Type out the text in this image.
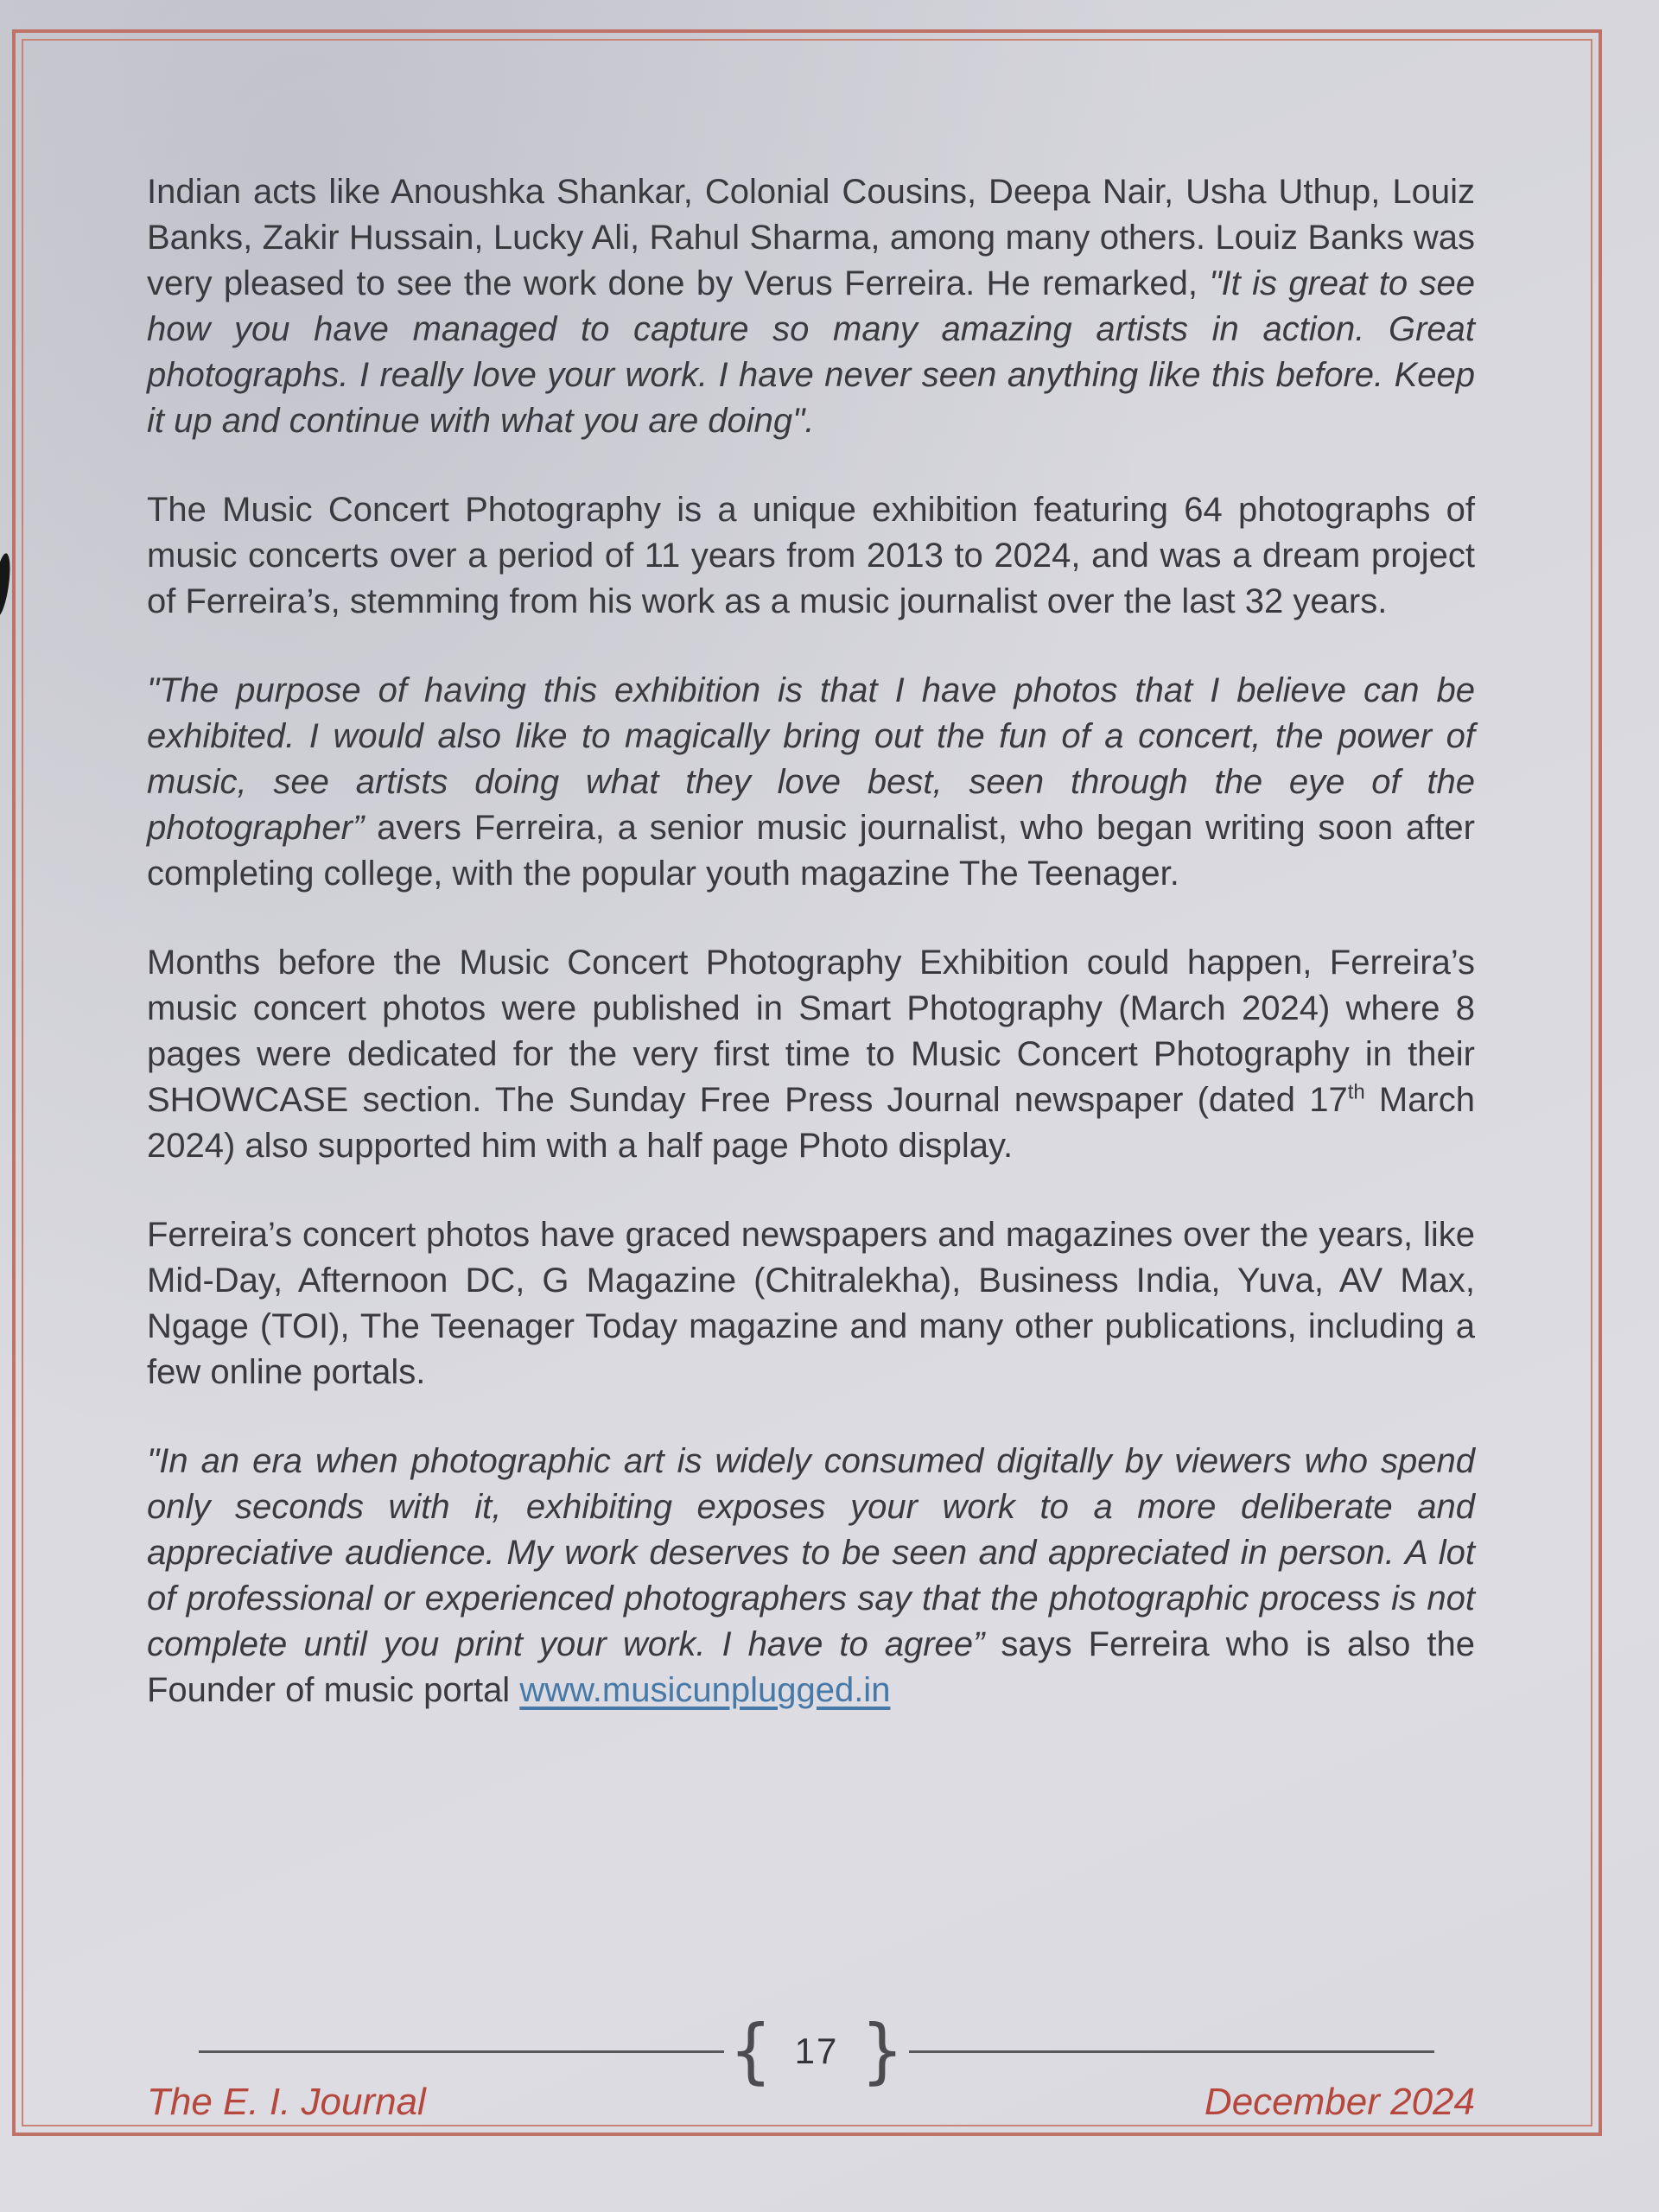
Indian acts like Anoushka Shankar, Colonial Cousins, Deepa Nair, Usha Uthup, Louiz Banks, Zakir Hussain, Lucky Ali, Rahul Sharma, among many others. Louiz Banks was very pleased to see the work done by Verus Ferreira. He remarked, "It is great to see how you have managed to capture so many amazing artists in action. Great photographs. I really love your work. I have never seen anything like this before. Keep it up and continue with what you are doing".

The Music Concert Photography is a unique exhibition featuring 64 photographs of music concerts over a period of 11 years from 2013 to 2024, and was a dream project of Ferreira’s, stemming from his work as a music journalist over the last 32 years.

"The purpose of having this exhibition is that I have photos that I believe can be exhibited. I would also like to magically bring out the fun of a concert, the power of music, see artists doing what they love best, seen through the eye of the photographer” avers Ferreira, a senior music journalist, who began writing soon after completing college, with the popular youth magazine The Teenager.

Months before the Music Concert Photography Exhibition could happen, Ferreira’s music concert photos were published in Smart Photography (March 2024) where 8 pages were dedicated for the very first time to Music Concert Photography in their SHOWCASE section. The Sunday Free Press Journal newspaper (dated 17th March 2024) also supported him with a half page Photo display.

Ferreira’s concert photos have graced newspapers and magazines over the years, like Mid-Day, Afternoon DC, G Magazine (Chitralekha), Business India, Yuva, AV Max, Ngage (TOI), The Teenager Today magazine and many other publications, including a few online portals.

"In an era when photographic art is widely consumed digitally by viewers who spend only seconds with it, exhibiting exposes your work to a more deliberate and appreciative audience. My work deserves to be seen and appreciated in person. A lot of professional or experienced photographers say that the photographic process is not complete until you print your work. I have to agree” says Ferreira who is also the Founder of music portal www.musicunplugged.in

{ 17 }
The E. I. Journal	December 2024
